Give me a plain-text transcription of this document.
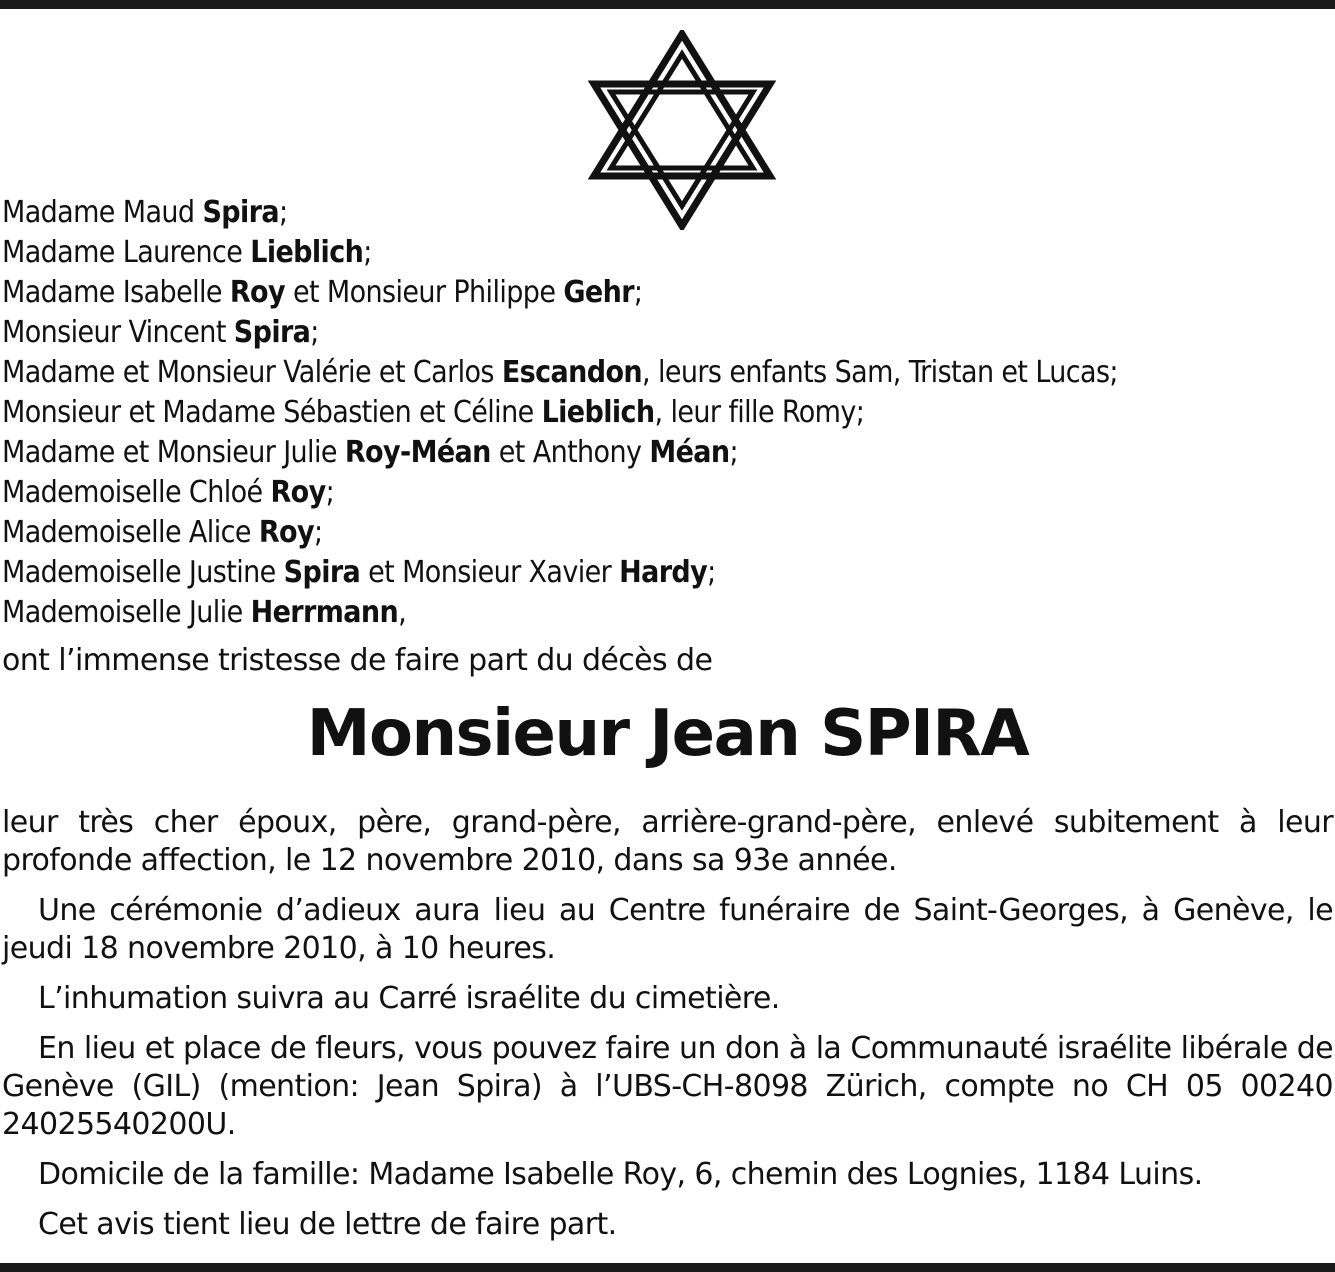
Madame Maud Spira;
Madame Laurence Lieblich;
Madame Isabelle Roy et Monsieur Philippe Gehr;
Monsieur Vincent Spira;
Madame et Monsieur Valérie et Carlos Escandon, leurs enfants Sam, Tristan et Lucas;
Monsieur et Madame Sébastien et Céline Lieblich, leur fille Romy;
Madame et Monsieur Julie Roy-Méan et Anthony Méan;
Mademoiselle Chloé Roy;
Mademoiselle Alice Roy;
Mademoiselle Justine Spira et Monsieur Xavier Hardy;
Mademoiselle Julie Herrmann,
ont l’immense tristesse de faire part du décès de
Monsieur Jean SPIRA

leur très cher époux, père, grand-père, arrière-grand-père, enlevé subitement à leur profonde affection, le 12 novembre 2010, dans sa 93e année.

Une cérémonie d’adieux aura lieu au Centre funéraire de Saint-Georges, à Genève, le jeudi 18 novembre 2010, à 10 heures.

L’inhumation suivra au Carré israélite du cimetière.

En lieu et place de fleurs, vous pouvez faire un don à la Communauté israélite libérale de Genève (GIL) (mention: Jean Spira) à l’UBS-CH-8098 Zürich, compte no CH 05 00240 24025540200U.

Domicile de la famille: Madame Isabelle Roy, 6, chemin des Lognies, 1184 Luins.

Cet avis tient lieu de lettre de faire part.
